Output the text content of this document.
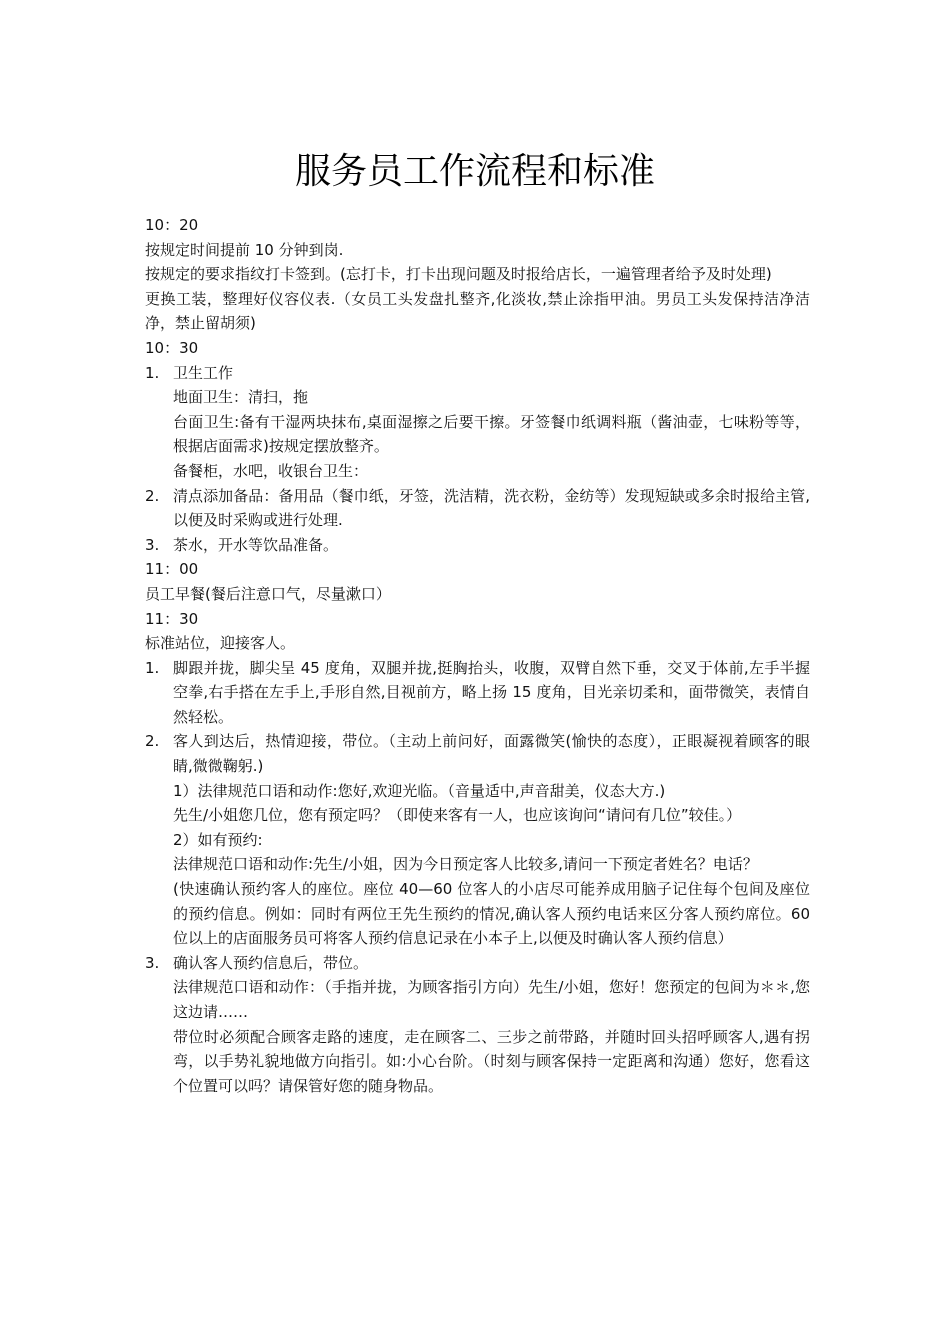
服务员工作流程和标准

10：20

按规定时间提前 10 分钟到岗.

按规定的要求指纹打卡签到。(忘打卡，打卡出现问题及时报给店长，一遍管理者给予及时处理)

更换工装，整理好仪容仪表.（女员工头发盘扎整齐,化淡妆,禁止涂指甲油。男员工头发保持洁净洁净，禁止留胡须)

10：30

1. 卫生工作

地面卫生：清扫，拖

台面卫生:备有干湿两块抹布,桌面湿擦之后要干擦。牙签餐巾纸调料瓶（酱油壶，七味粉等等，根据店面需求)按规定摆放整齐。

备餐柜，水吧，收银台卫生：

2. 清点添加备品：备用品（餐巾纸，牙签，洗洁精，洗衣粉，金纺等）发现短缺或多余时报给主管,以便及时采购或进行处理.
3. 茶水，开水等饮品准备。

11：00

员工早餐(餐后注意口气，尽量漱口）

11：30

标准站位，迎接客人。

1. 脚跟并拢，脚尖呈 45 度角，双腿并拢,挺胸抬头，收腹，双臂自然下垂，交叉于体前,左手半握空拳,右手搭在左手上,手形自然,目视前方，略上扬 15 度角，目光亲切柔和，面带微笑，表情自然轻松。
2. 客人到达后，热情迎接，带位。（主动上前问好，面露微笑(愉快的态度），正眼凝视着顾客的眼睛,微微鞠躬.)

1）法律规范口语和动作:您好,欢迎光临。（音量适中,声音甜美，仪态大方.)

先生/小姐您几位，您有预定吗？（即使来客有一人，也应该询问“请问有几位”较佳。）

2）如有预约:

法律规范口语和动作:先生/小姐，因为今日预定客人比较多,请问一下预定者姓名？电话？

(快速确认预约客人的座位。座位 40—60 位客人的小店尽可能养成用脑子记住每个包间及座位的预约信息。例如：同时有两位王先生预约的情况,确认客人预约电话来区分客人预约席位。60 位以上的店面服务员可将客人预约信息记录在小本子上,以便及时确认客人预约信息）

3. 确认客人预约信息后，带位。

法律规范口语和动作：（手指并拢，为顾客指引方向）先生/小姐，您好！您预定的包间为＊＊,您这边请……

带位时必须配合顾客走路的速度，走在顾客二、三步之前带路，并随时回头招呼顾客人,遇有拐弯，以手势礼貌地做方向指引。如:小心台阶。（时刻与顾客保持一定距离和沟通）您好，您看这个位置可以吗？请保管好您的随身物品。
